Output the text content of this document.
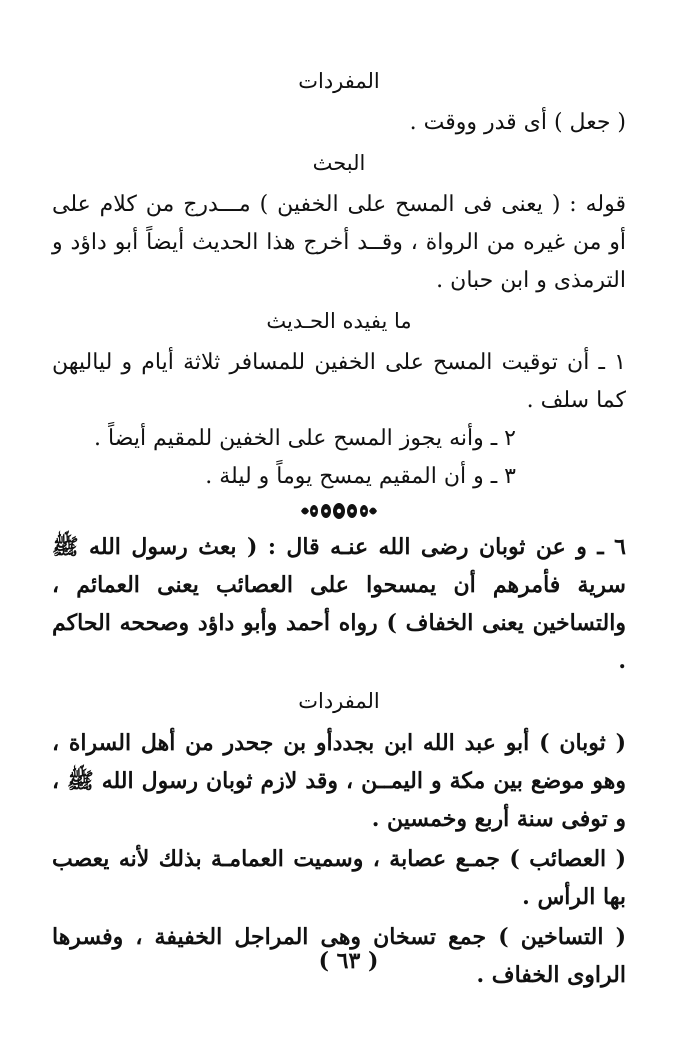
المفردات

( جعل ) أى قدر ووقت .

البحث

قوله : ( يعنى فى المسح على الخفين ) مـــدرج من كلام على أو من غيره من الرواة ، وقــد أخرج هذا الحديث أيضاً أبو داؤد و الترمذى و ابن حبان .

ما يفيده الحـديث

١ ـ أن توقيت المسح على الخفين للمسافر ثلاثة أيام و لياليهن كما سلف .

٢ ـ وأنه يجوز المسح على الخفين للمقيم أيضاً .

٣ ـ و أن المقيم يمسح يوماً و ليلة .

٦ ـ و عن ثوبان رضى الله عنـه قال : ( بعث رسول الله ﷺ سرية فأمرهم أن يمسحوا على العصائب يعنى العمائم ، والتساخين يعنى الخفاف ) رواه أحمد وأبو داؤد وصححه الحاكم .

المفردات

( ثوبان ) أبو عبد الله ابن بجددأو بن جحدر من أهل السراة ، وهو موضع بين مكة و اليمــن ، وقد لازم ثوبان رسول الله ﷺ ، و توفى سنة أربع وخمسين .

( العصائب ) جمـع عصابة ، وسميت العمامـة بذلك لأنه يعصب بها الرأس .

( التساخين ) جمع تسخان وهى المراجل الخفيفة ، وفسرها الراوى الخفاف .

( ٦٣ )
